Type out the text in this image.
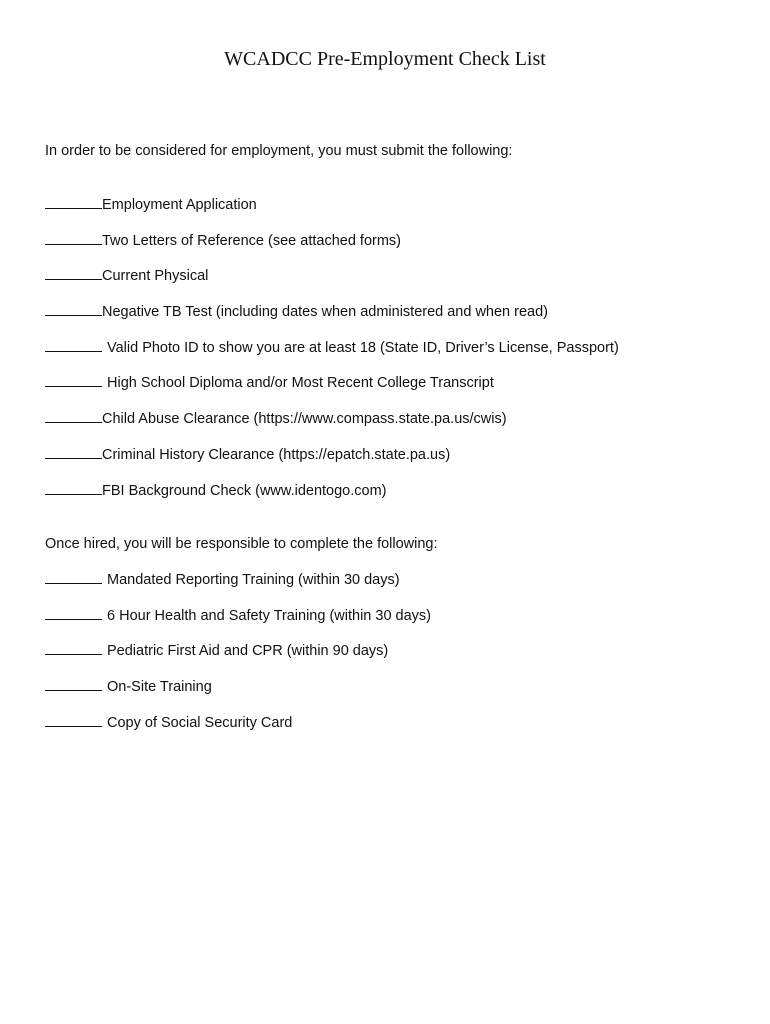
WCADCC Pre-Employment Check List
In order to be considered for employment, you must submit the following:
Employment Application
Two Letters of Reference (see attached forms)
Current Physical
Negative TB Test (including dates when administered and when read)
Valid Photo ID to show you are at least 18 (State ID, Driver’s License, Passport)
High School Diploma and/or Most Recent College Transcript
Child Abuse Clearance (https://www.compass.state.pa.us/cwis)
Criminal History Clearance (https://epatch.state.pa.us)
FBI Background Check (www.identogo.com)
Once hired, you will be responsible to complete the following:
Mandated Reporting Training (within 30 days)
6 Hour Health and Safety Training (within 30 days)
Pediatric First Aid and CPR (within 90 days)
On-Site Training
Copy of Social Security Card
